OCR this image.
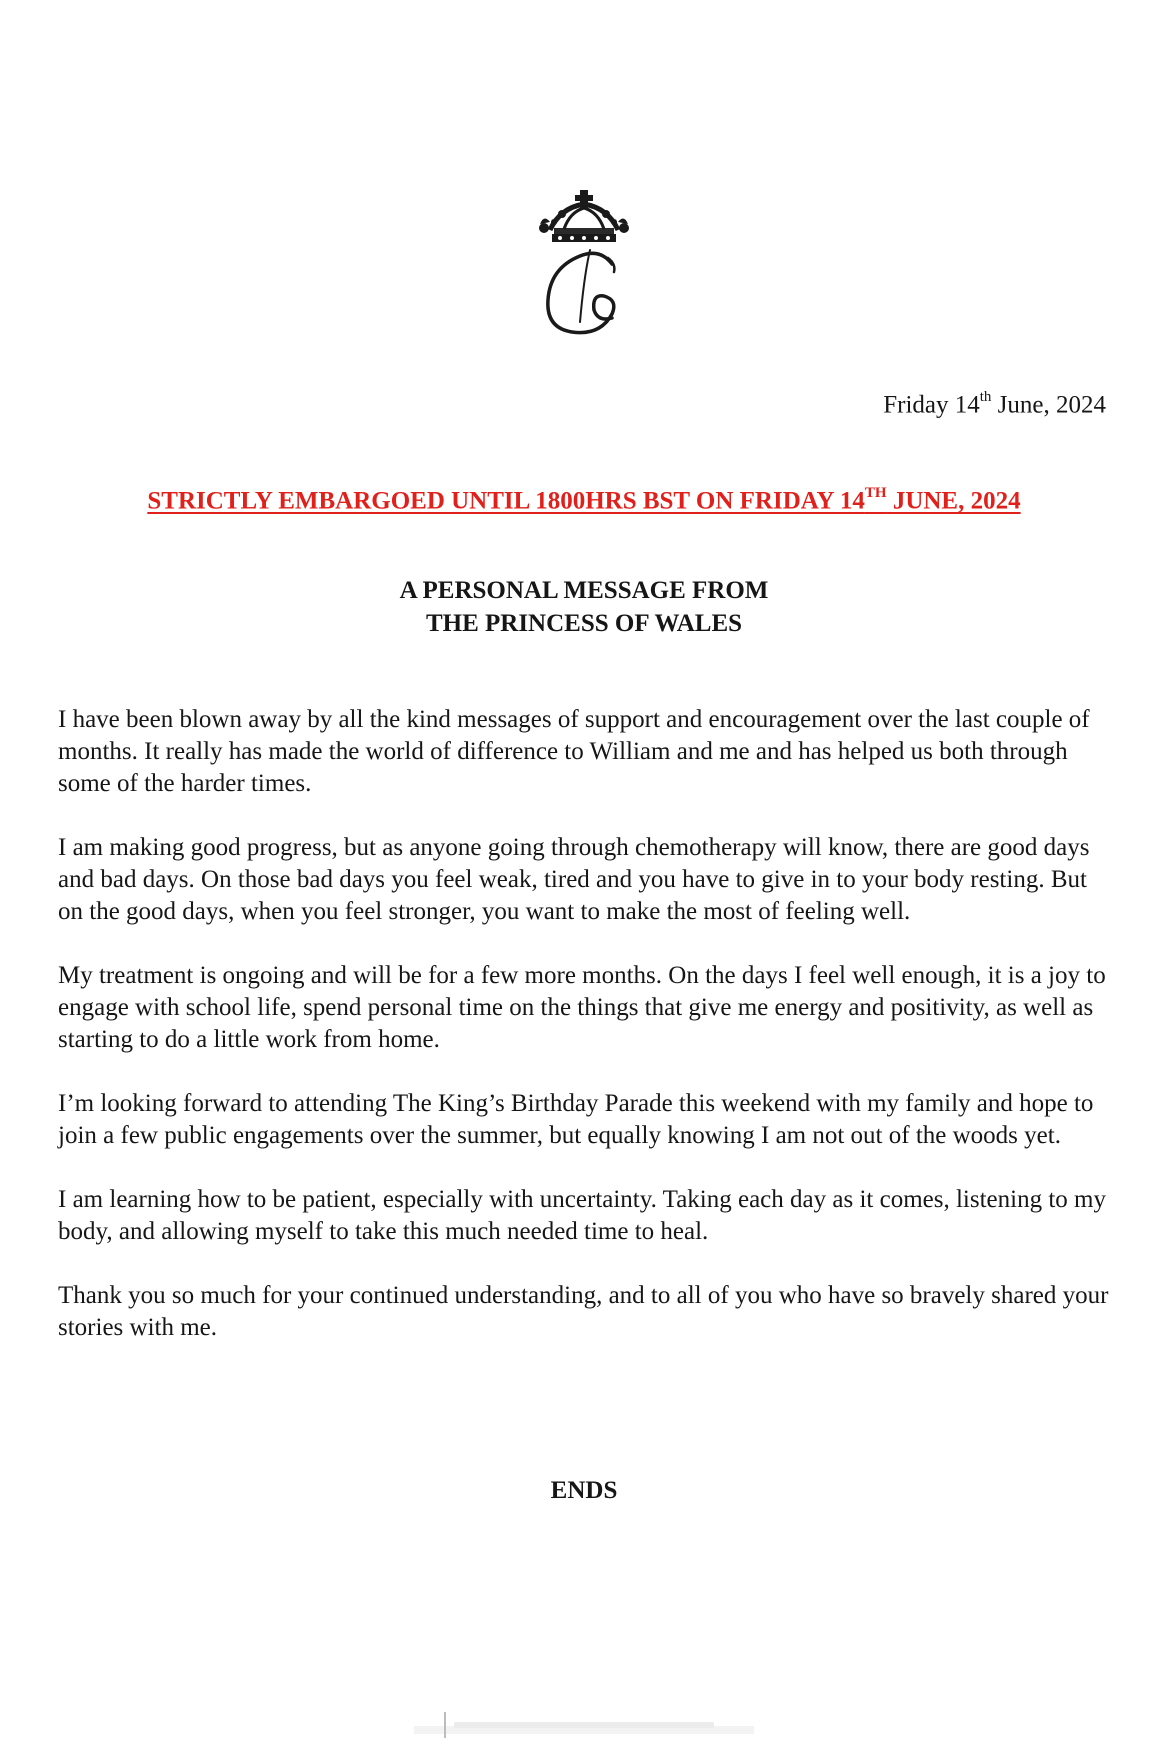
Friday 14th June, 2024
STRICTLY EMBARGOED UNTIL 1800HRS BST ON FRIDAY 14TH JUNE, 2024
A PERSONAL MESSAGE FROM
THE PRINCESS OF WALES

I have been blown away by all the kind messages of support and encouragement over the last couple of months. It really has made the world of difference to William and me and has helped us both through some of the harder times.

I am making good progress, but as anyone going through chemotherapy will know, there are good days and bad days. On those bad days you feel weak, tired and you have to give in to your body resting. But on the good days, when you feel stronger, you want to make the most of feeling well.

My treatment is ongoing and will be for a few more months. On the days I feel well enough, it is a joy to engage with school life, spend personal time on the things that give me energy and positivity, as well as starting to do a little work from home.

I’m looking forward to attending The King’s Birthday Parade this weekend with my family and hope to join a few public engagements over the summer, but equally knowing I am not out of the woods yet.

I am learning how to be patient, especially with uncertainty. Taking each day as it comes, listening to my body, and allowing myself to take this much needed time to heal.

Thank you so much for your continued understanding, and to all of you who have so bravely shared your stories with me.

ENDS
